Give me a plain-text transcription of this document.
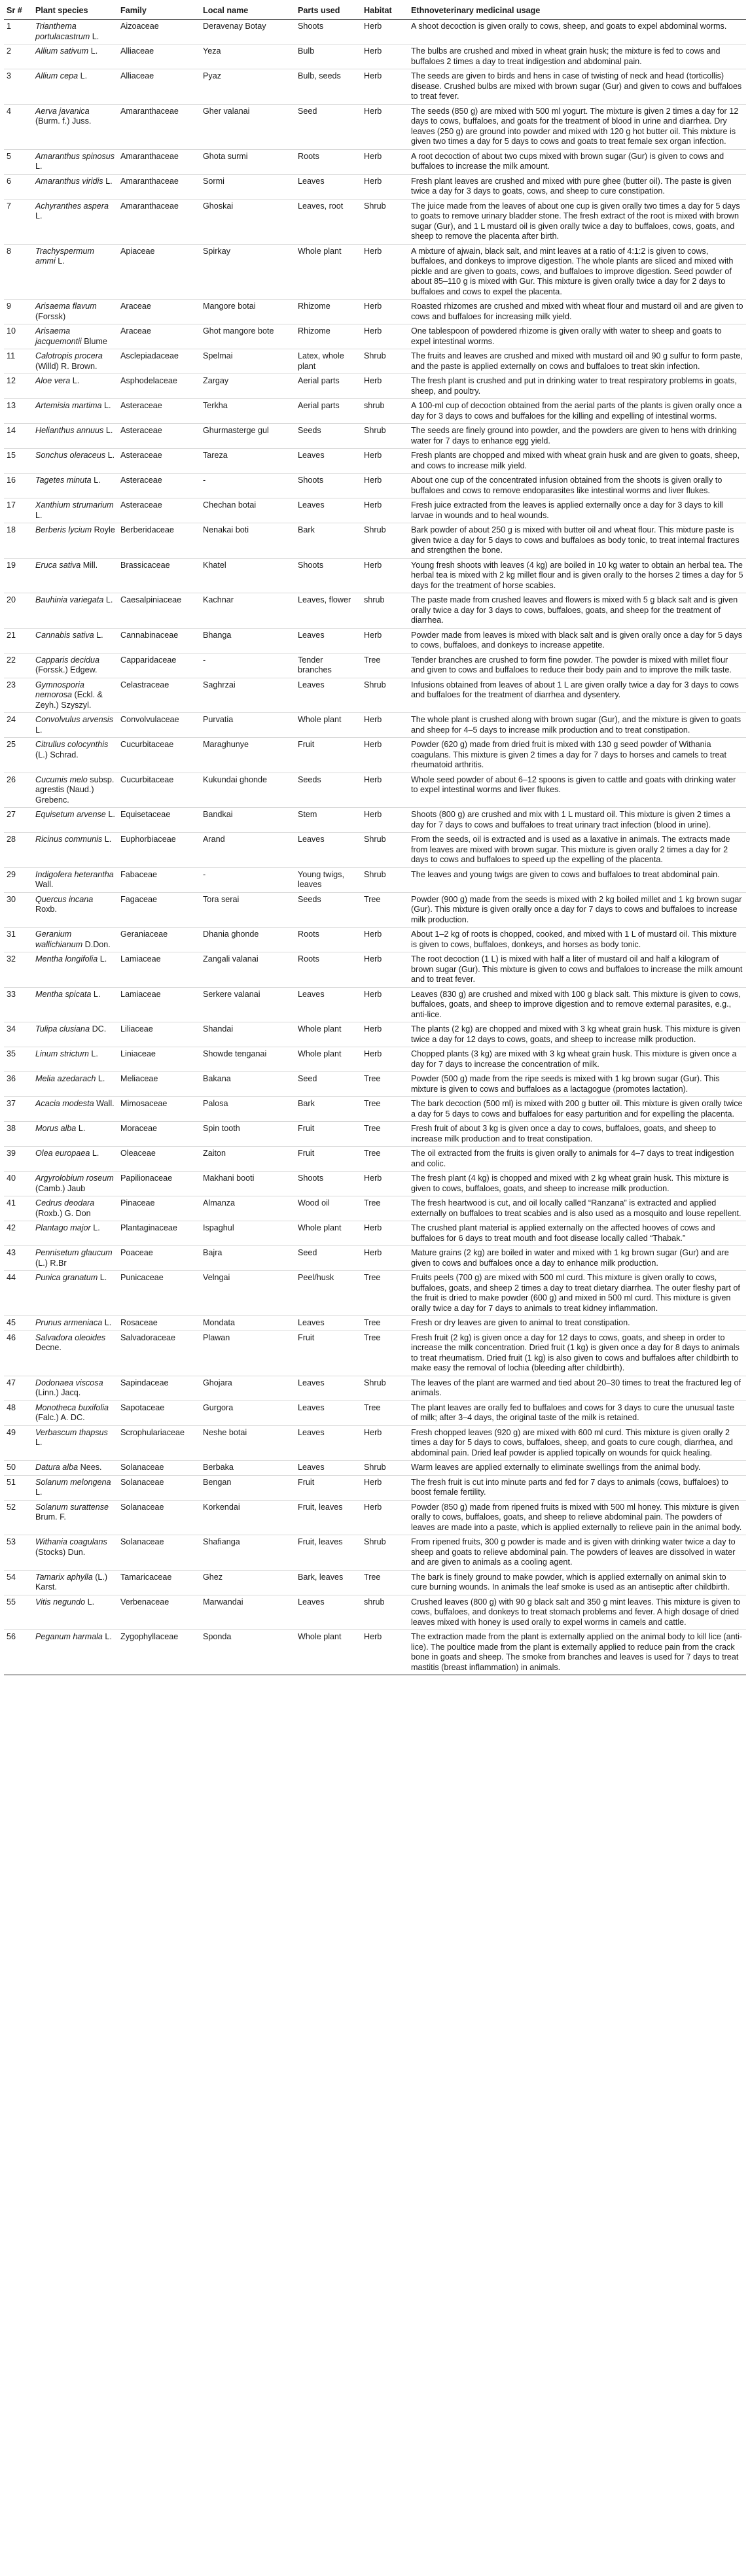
Sr #	Plant species	Family	Local name	Parts used	Habitat	Ethnoveterinary medicinal usage
1	Trianthema portulacastrum L.	Aizoaceae	Deravenay Botay	Shoots	Herb	A shoot decoction is given orally to cows, sheep, and goats to expel abdominal worms.
2	Allium sativum L.	Alliaceae	Yeza	Bulb	Herb	The bulbs are crushed and mixed in wheat grain husk; the mixture is fed to cows and buffaloes 2 times a day to treat indigestion and abdominal pain.
3	Allium cepa L.	Alliaceae	Pyaz	Bulb, seeds	Herb	The seeds are given to birds and hens in case of twisting of neck and head (torticollis) disease. Crushed bulbs are mixed with brown sugar (Gur) and given to cows and buffaloes to treat fever.
4	Aerva javanica (Burm. f.) Juss.	Amaranthaceae	Gher valanai	Seed	Herb	The seeds (850 g) are mixed with 500 ml yogurt. The mixture is given 2 times a day for 12 days to cows, buffaloes, and goats for the treatment of blood in urine and diarrhea. Dry leaves (250 g) are ground into powder and mixed with 120 g hot butter oil. This mixture is given two times a day for 5 days to cows and goats to treat female sex organ infection.
5	Amaranthus spinosus L.	Amaranthaceae	Ghota surmi	Roots	Herb	A root decoction of about two cups mixed with brown sugar (Gur) is given to cows and buffaloes to increase the milk amount.
6	Amaranthus viridis L.	Amaranthaceae	Sormi	Leaves	Herb	Fresh plant leaves are crushed and mixed with pure ghee (butter oil). The paste is given twice a day for 3 days to goats, cows, and sheep to cure constipation.
7	Achyranthes aspera L.	Amaranthaceae	Ghoskai	Leaves, root	Shrub	The juice made from the leaves of about one cup is given orally two times a day for 5 days to goats to remove urinary bladder stone. The fresh extract of the root is mixed with brown sugar (Gur), and 1 L mustard oil is given orally twice a day to buffaloes, cows, goats, and sheep to remove the placenta after birth.
8	Trachyspermum ammi L.	Apiaceae	Spirkay	Whole plant	Herb	A mixture of ajwain, black salt, and mint leaves at a ratio of 4:1:2 is given to cows, buffaloes, and donkeys to improve digestion. The whole plants are sliced and mixed with pickle and are given to goats, cows, and buffaloes to improve digestion. Seed powder of about 85–110 g is mixed with Gur. This mixture is given orally twice a day for 2 days to buffaloes and cows to expel the placenta.
9	Arisaema flavum (Forssk)	Araceae	Mangore botai	Rhizome	Herb	Roasted rhizomes are crushed and mixed with wheat flour and mustard oil and are given to cows and buffaloes for increasing milk yield.
10	Arisaema jacquemontii Blume	Araceae	Ghot mangore bote	Rhizome	Herb	One tablespoon of powdered rhizome is given orally with water to sheep and goats to expel intestinal worms.
11	Calotropis procera (Willd) R. Brown.	Asclepiadaceae	Spelmai	Latex, whole plant	Shrub	The fruits and leaves are crushed and mixed with mustard oil and 90 g sulfur to form paste, and the paste is applied externally on cows and buffaloes to treat skin infection.
12	Aloe vera L.	Asphodelaceae	Zargay	Aerial parts	Herb	The fresh plant is crushed and put in drinking water to treat respiratory problems in goats, sheep, and poultry.
13	Artemisia martima L.	Asteraceae	Terkha	Aerial parts	shrub	A 100-ml cup of decoction obtained from the aerial parts of the plants is given orally once a day for 3 days to cows and buffaloes for the killing and expelling of intestinal worms.
14	Helianthus annuus L.	Asteraceae	Ghurmasterge gul	Seeds	Shrub	The seeds are finely ground into powder, and the powders are given to hens with drinking water for 7 days to enhance egg yield.
15	Sonchus oleraceus L.	Asteraceae	Tareza	Leaves	Herb	Fresh plants are chopped and mixed with wheat grain husk and are given to goats, sheep, and cows to increase milk yield.
16	Tagetes minuta L.	Asteraceae	-	Shoots	Herb	About one cup of the concentrated infusion obtained from the shoots is given orally to buffaloes and cows to remove endoparasites like intestinal worms and liver flukes.
17	Xanthium strumarium L.	Asteraceae	Chechan botai	Leaves	Herb	Fresh juice extracted from the leaves is applied externally once a day for 3 days to kill larvae in wounds and to heal wounds.
18	Berberis lycium Royle	Berberidaceae	Nenakai boti	Bark	Shrub	Bark powder of about 250 g is mixed with butter oil and wheat flour. This mixture paste is given twice a day for 5 days to cows and buffaloes as body tonic, to treat internal fractures and strengthen the bone.
19	Eruca sativa Mill.	Brassicaceae	Khatel	Shoots	Herb	Young fresh shoots with leaves (4 kg) are boiled in 10 kg water to obtain an herbal tea. The herbal tea is mixed with 2 kg millet flour and is given orally to the horses 2 times a day for 5 days for the treatment of horse scabies.
20	Bauhinia variegata L.	Caesalpiniaceae	Kachnar	Leaves, flower	shrub	The paste made from crushed leaves and flowers is mixed with 5 g black salt and is given orally twice a day for 3 days to cows, buffaloes, goats, and sheep for the treatment of diarrhea.
21	Cannabis sativa L.	Cannabinaceae	Bhanga	Leaves	Herb	Powder made from leaves is mixed with black salt and is given orally once a day for 5 days to cows, buffaloes, and donkeys to increase appetite.
22	Capparis decidua (Forssk.) Edgew.	Capparidaceae	-	Tender branches	Tree	Tender branches are crushed to form fine powder. The powder is mixed with millet flour and given to cows and buffaloes to reduce their body pain and to improve the milk taste.
23	Gymnosporia nemorosa (Eckl. & Zeyh.) Szyszyl.	Celastraceae	Saghrzai	Leaves	Shrub	Infusions obtained from leaves of about 1 L are given orally twice a day for 3 days to cows and buffaloes for the treatment of diarrhea and dysentery.
24	Convolvulus arvensis L.	Convolvulaceae	Purvatia	Whole plant	Herb	The whole plant is crushed along with brown sugar (Gur), and the mixture is given to goats and sheep for 4–5 days to increase milk production and to treat constipation.
25	Citrullus colocynthis (L.) Schrad.	Cucurbitaceae	Maraghunye	Fruit	Herb	Powder (620 g) made from dried fruit is mixed with 130 g seed powder of Withania coagulans. This mixture is given 2 times a day for 7 days to horses and camels to treat rheumatoid arthritis.
26	Cucumis melo subsp. agrestis (Naud.) Grebenc.	Cucurbitaceae	Kukundai ghonde	Seeds	Herb	Whole seed powder of about 6–12 spoons is given to cattle and goats with drinking water to expel intestinal worms and liver flukes.
27	Equisetum arvense L.	Equisetaceae	Bandkai	Stem	Herb	Shoots (800 g) are crushed and mix with 1 L mustard oil. This mixture is given 2 times a day for 7 days to cows and buffaloes to treat urinary tract infection (blood in urine).
28	Ricinus communis L.	Euphorbiaceae	Arand	Leaves	Shrub	From the seeds, oil is extracted and is used as a laxative in animals. The extracts made from leaves are mixed with brown sugar. This mixture is given orally 2 times a day for 2 days to cows and buffaloes to speed up the expelling of the placenta.
29	Indigofera heterantha Wall.	Fabaceae	-	Young twigs, leaves	Shrub	The leaves and young twigs are given to cows and buffaloes to treat abdominal pain.
30	Quercus incana Roxb.	Fagaceae	Tora serai	Seeds	Tree	Powder (900 g) made from the seeds is mixed with 2 kg boiled millet and 1 kg brown sugar (Gur). This mixture is given orally once a day for 7 days to cows and buffaloes to increase milk production.
31	Geranium wallichianum D.Don.	Geraniaceae	Dhania ghonde	Roots	Herb	About 1–2 kg of roots is chopped, cooked, and mixed with 1 L of mustard oil. This mixture is given to cows, buffaloes, donkeys, and horses as body tonic.
32	Mentha longifolia L.	Lamiaceae	Zangali valanai	Roots	Herb	The root decoction (1 L) is mixed with half a liter of mustard oil and half a kilogram of brown sugar (Gur). This mixture is given to cows and buffaloes to increase the milk amount and to treat fever.
33	Mentha spicata L.	Lamiaceae	Serkere valanai	Leaves	Herb	Leaves (830 g) are crushed and mixed with 100 g black salt. This mixture is given to cows, buffaloes, goats, and sheep to improve digestion and to remove external parasites, e.g., anti-lice.
34	Tulipa clusiana DC.	Liliaceae	Shandai	Whole plant	Herb	The plants (2 kg) are chopped and mixed with 3 kg wheat grain husk. This mixture is given twice a day for 12 days to cows, goats, and sheep to increase milk production.
35	Linum strictum L.	Liniaceae	Showde tenganai	Whole plant	Herb	Chopped plants (3 kg) are mixed with 3 kg wheat grain husk. This mixture is given once a day for 7 days to increase the concentration of milk.
36	Melia azedarach L.	Meliaceae	Bakana	Seed	Tree	Powder (500 g) made from the ripe seeds is mixed with 1 kg brown sugar (Gur). This mixture is given to cows and buffaloes as a lactagogue (promotes lactation).
37	Acacia modesta Wall.	Mimosaceae	Palosa	Bark	Tree	The bark decoction (500 ml) is mixed with 200 g butter oil. This mixture is given orally twice a day for 5 days to cows and buffaloes for easy parturition and for expelling the placenta.
38	Morus alba L.	Moraceae	Spin tooth	Fruit	Tree	Fresh fruit of about 3 kg is given once a day to cows, buffaloes, goats, and sheep to increase milk production and to treat constipation.
39	Olea europaea L.	Oleaceae	Zaiton	Fruit	Tree	The oil extracted from the fruits is given orally to animals for 4–7 days to treat indigestion and colic.
40	Argyrolobium roseum (Camb.) Jaub	Papilionaceae	Makhani booti	Shoots	Herb	The fresh plant (4 kg) is chopped and mixed with 2 kg wheat grain husk. This mixture is given to cows, buffaloes, goats, and sheep to increase milk production.
41	Cedrus deodara (Roxb.) G. Don	Pinaceae	Almanza	Wood oil	Tree	The fresh heartwood is cut, and oil locally called “Ranzana” is extracted and applied externally on buffaloes to treat scabies and is also used as a mosquito and louse repellent.
42	Plantago major L.	Plantaginaceae	Ispaghul	Whole plant	Herb	The crushed plant material is applied externally on the affected hooves of cows and buffaloes for 6 days to treat mouth and foot disease locally called “Thabak.”
43	Pennisetum glaucum (L.) R.Br	Poaceae	Bajra	Seed	Herb	Mature grains (2 kg) are boiled in water and mixed with 1 kg brown sugar (Gur) and are given to cows and buffaloes once a day to enhance milk production.
44	Punica granatum L.	Punicaceae	Velngai	Peel/husk	Tree	Fruits peels (700 g) are mixed with 500 ml curd. This mixture is given orally to cows, buffaloes, goats, and sheep 2 times a day to treat dietary diarrhea. The outer fleshy part of the fruit is dried to make powder (600 g) and mixed in 500 ml curd. This mixture is given orally twice a day for 7 days to animals to treat kidney inflammation.
45	Prunus armeniaca L.	Rosaceae	Mondata	Leaves	Tree	Fresh or dry leaves are given to animal to treat constipation.
46	Salvadora oleoides Decne.	Salvadoraceae	Plawan	Fruit	Tree	Fresh fruit (2 kg) is given once a day for 12 days to cows, goats, and sheep in order to increase the milk concentration. Dried fruit (1 kg) is given once a day for 8 days to animals to treat rheumatism. Dried fruit (1 kg) is also given to cows and buffaloes after childbirth to make easy the removal of lochia (bleeding after childbirth).
47	Dodonaea viscosa (Linn.) Jacq.	Sapindaceae	Ghojara	Leaves	Shrub	The leaves of the plant are warmed and tied about 20–30 times to treat the fractured leg of animals.
48	Monotheca buxifolia (Falc.) A. DC.	Sapotaceae	Gurgora	Leaves	Tree	The plant leaves are orally fed to buffaloes and cows for 3 days to cure the unusual taste of milk; after 3–4 days, the original taste of the milk is retained.
49	Verbascum thapsus L.	Scrophulariaceae	Neshe botai	Leaves	Herb	Fresh chopped leaves (920 g) are mixed with 600 ml curd. This mixture is given orally 2 times a day for 5 days to cows, buffaloes, sheep, and goats to cure cough, diarrhea, and abdominal pain. Dried leaf powder is applied topically on wounds for quick healing.
50	Datura alba Nees.	Solanaceae	Berbaka	Leaves	Shrub	Warm leaves are applied externally to eliminate swellings from the animal body.
51	Solanum melongena L.	Solanaceae	Bengan	Fruit	Herb	The fresh fruit is cut into minute parts and fed for 7 days to animals (cows, buffaloes) to boost female fertility.
52	Solanum surattense Brum. F.	Solanaceae	Korkendai	Fruit, leaves	Herb	Powder (850 g) made from ripened fruits is mixed with 500 ml honey. This mixture is given orally to cows, buffaloes, goats, and sheep to relieve abdominal pain. The powders of leaves are made into a paste, which is applied externally to relieve pain in the animal body.
53	Withania coagulans (Stocks) Dun.	Solanaceae	Shafianga	Fruit, leaves	Shrub	From ripened fruits, 300 g powder is made and is given with drinking water twice a day to sheep and goats to relieve abdominal pain. The powders of leaves are dissolved in water and are given to animals as a cooling agent.
54	Tamarix aphylla (L.) Karst.	Tamaricaceae	Ghez	Bark, leaves	Tree	The bark is finely ground to make powder, which is applied externally on animal skin to cure burning wounds. In animals the leaf smoke is used as an antiseptic after childbirth.
55	Vitis negundo L.	Verbenaceae	Marwandai	Leaves	shrub	Crushed leaves (800 g) with 90 g black salt and 350 g mint leaves. This mixture is given to cows, buffaloes, and donkeys to treat stomach problems and fever. A high dosage of dried leaves mixed with honey is used orally to expel worms in camels and cattle.
56	Peganum harmala L.	Zygophyllaceae	Sponda	Whole plant	Herb	The extraction made from the plant is externally applied on the animal body to kill lice (anti-lice). The poultice made from the plant is externally applied to reduce pain from the crack bone in goats and sheep. The smoke from branches and leaves is used for 7 days to treat mastitis (breast inflammation) in animals.
